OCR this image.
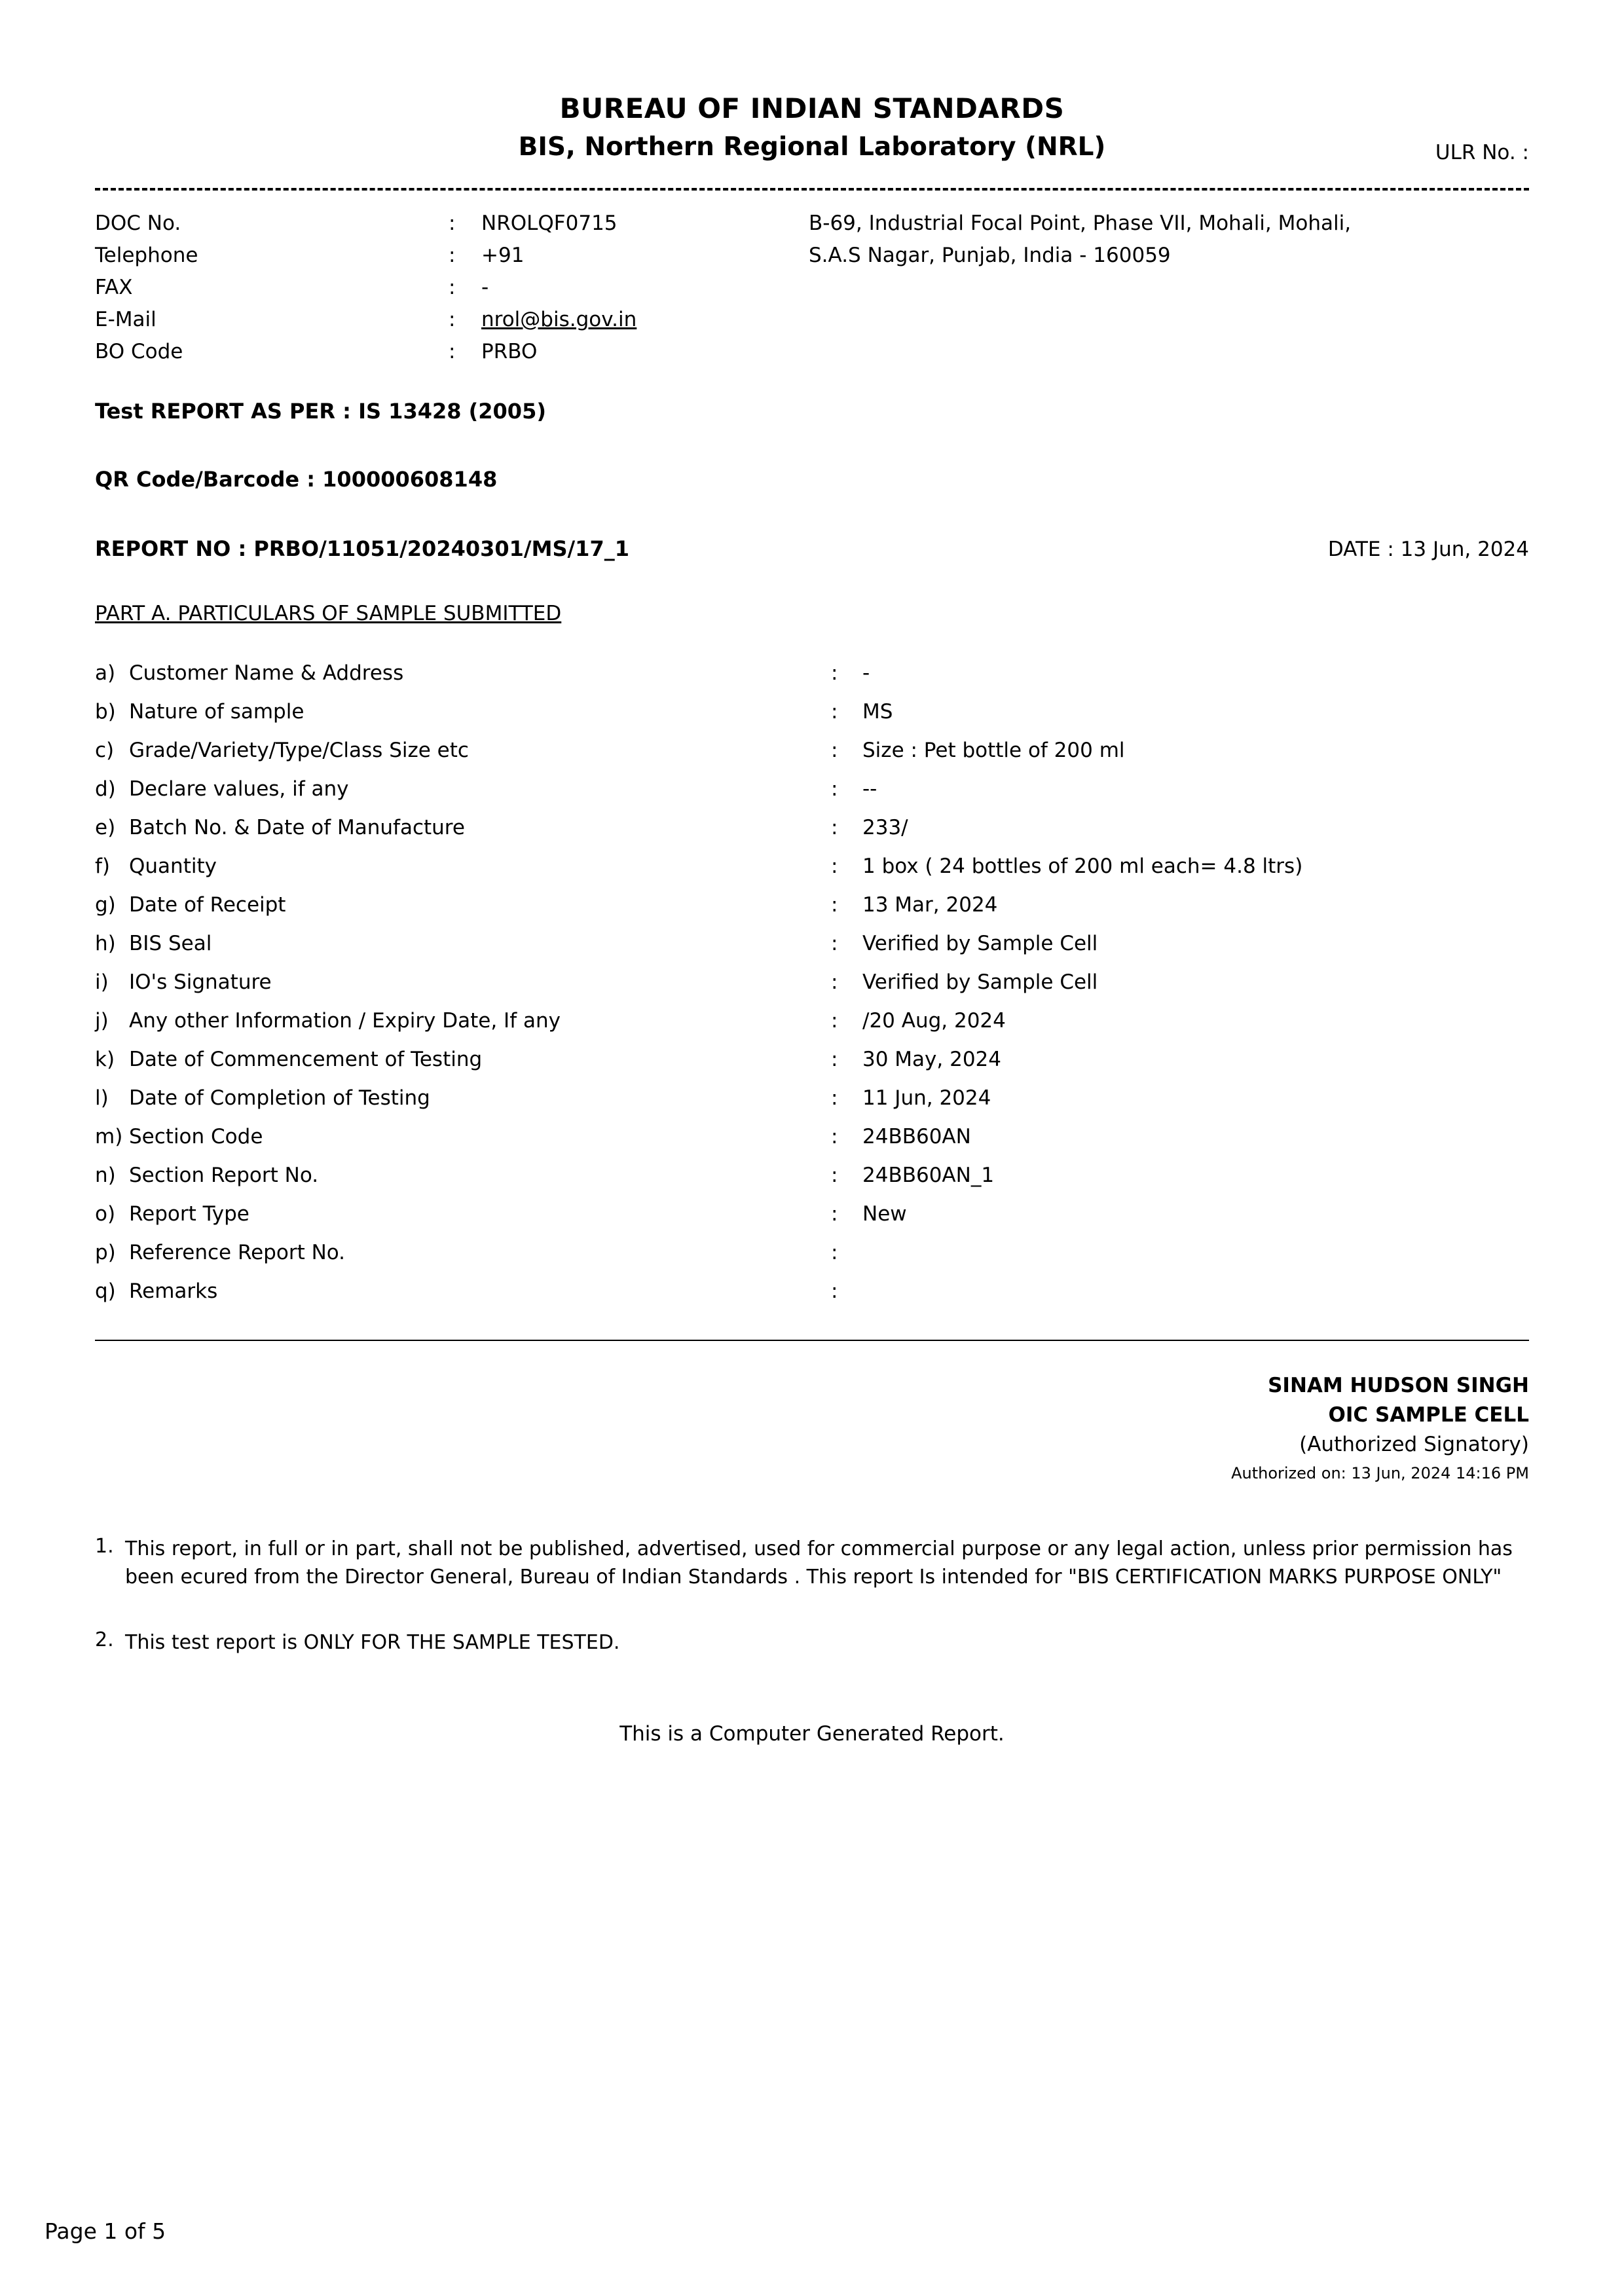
BUREAU OF INDIAN STANDARDS
BIS, Northern Regional Laboratory (NRL)	ULR No. :
DOC No.	:	NROLQF0715
Telephone	:	+91
FAX	:	-
E-Mail	:	nrol@bis.gov.in
BO Code	:	PRBO
B-69, Industrial Focal Point, Phase VII, Mohali, Mohali,
S.A.S Nagar, Punjab, India - 160059
Test REPORT AS PER : IS 13428 (2005)
QR Code/Barcode : 100000608148
REPORT NO : PRBO/11051/20240301/MS/17_1	DATE : 13 Jun, 2024
PART A. PARTICULARS OF SAMPLE SUBMITTED
a) Customer Name & Address	:	-
b) Nature of sample	:	MS
c) Grade/Variety/Type/Class Size etc	:	Size : Pet bottle of 200 ml
d) Declare values, if any	:	--
e) Batch No. & Date of Manufacture	:	233/
f) Quantity	:	1 box ( 24 bottles of 200 ml each= 4.8 ltrs)
g) Date of Receipt	:	13 Mar, 2024
h) BIS Seal	:	Verified by Sample Cell
i)	IO's Signature	:	Verified by Sample Cell
j)	Any other Information / Expiry Date, If any	:	/20 Aug, 2024
k) Date of Commencement of Testing	:	30 May, 2024
l)	Date of Completion of Testing	:	11 Jun, 2024
m) Section Code	:	24BB60AN
n) Section Report No.	:	24BB60AN_1
o) Report Type	:	New
p) Reference Report No.	:
q) Remarks	:
SINAM HUDSON SINGH
OIC SAMPLE CELL
(Authorized Signatory)
Authorized on: 13 Jun, 2024 14:16 PM
1. This report, in full or in part, shall not be published, advertised, used for commercial purpose or any legal action, unless prior permission has been ecured from the Director General, Bureau of Indian Standards . This report Is intended for "BIS CERTIFICATION MARKS PURPOSE ONLY"
2. This test report is ONLY FOR THE SAMPLE TESTED.
This is a Computer Generated Report.
Page 1 of 5
